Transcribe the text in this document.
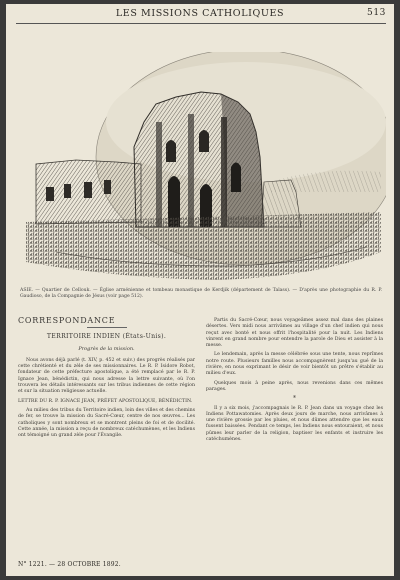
LES MISSIONS CATHOLIQUES	513
ASIE. — Quartier de Cellouk. — Église arménienne et tombeau monastique de Kerdjik (département de Talass). — D'après une photographie du R. P. Gaudioso, de la Compagnie de Jésus (voir page 512).

CORRESPONDANCE

TERRITOIRE INDIEN (États-Unis).
Progrès de la mission.

Nous avons déjà parlé (t. XIV, p. 452 et suiv.) des progrès réalisés par cette chrétienté et du zèle de ses missionnaires. Le R. P. Isidore Robot, fondateur de cette préfecture apostolique, a été remplacé par le R. P. Ignace Jean, bénédictin, qui nous adresse la lettre suivante, où l'on trouvera les détails intéressants sur les tribus indiennes de cette région et sur la situation religieuse actuelle.

LETTRE DU R. P. IGNACE JEAN, PRÉFET APOSTOLIQUE, BÉNÉDICTIN.

Au milieu des tribus du Territoire indien, loin des villes et des chemins de fer, se trouve la mission du Sacré-Cœur, centre de nos œuvres... Les catholiques y sont nombreux et se montrent pleins de foi et de docilité. Cette année, la mission a reçu de nombreux catéchumènes, et les Indiens ont témoigné un grand zèle pour l'Évangile.

Partis du Sacré-Cœur, nous voyageâmes assez mal dans des plaines désertes. Vers midi nous arrivâmes au village d'un chef indien qui nous reçut avec bonté et nous offrit l'hospitalité pour la nuit. Les Indiens vinrent en grand nombre pour entendre la parole de Dieu et assister à la messe.

Le lendemain, après la messe célébrée sous une tente, nous reprîmes notre route. Plusieurs familles nous accompagnèrent jusqu'au gué de la rivière, en nous exprimant le désir de voir bientôt un prêtre s'établir au milieu d'eux.

Quelques mois à peine après, nous revenions dans ces mêmes parages.

*

Il y a six mois, j'accompagnais le R. P. Jean dans un voyage chez les Indiens Pottawatomies. Après deux jours de marche, nous arrivâmes à une rivière grossie par les pluies, et nous dûmes attendre que les eaux fussent baissées. Pendant ce temps, les Indiens nous entouraient, et nous pûmes leur parler de la religion, baptiser les enfants et instruire les catéchumènes.

N° 1221. — 28 OCTOBRE 1892.
